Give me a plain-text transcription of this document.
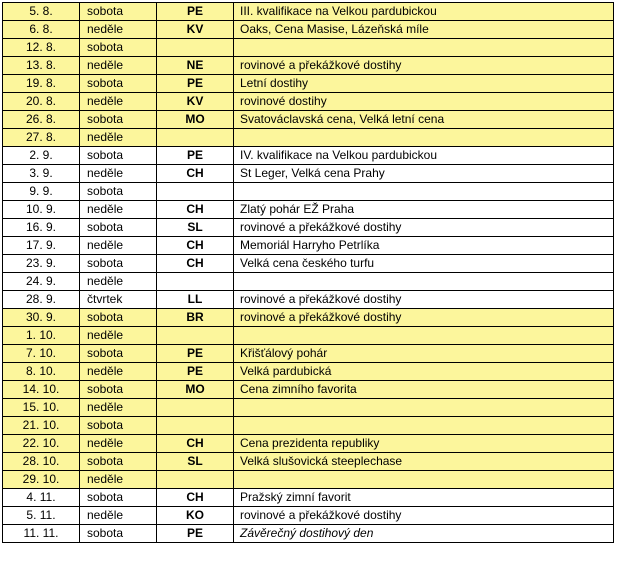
5. 8.	sobota	PE	III. kvalifikace na Velkou pardubickou
6. 8.	neděle	KV	Oaks, Cena Masise, Lázeňská míle
12. 8.	sobota		
13. 8.	neděle	NE	rovinové a překážkové dostihy
19. 8.	sobota	PE	Letní dostihy
20. 8.	neděle	KV	rovinové dostihy
26. 8.	sobota	MO	Svatováclavská cena, Velká letní cena
27. 8.	neděle		
2. 9.	sobota	PE	IV. kvalifikace na Velkou pardubickou
3. 9.	neděle	CH	St Leger, Velká cena Prahy
9. 9.	sobota		
10. 9.	neděle	CH	Zlatý pohár EŽ Praha
16. 9.	sobota	SL	rovinové a překážkové dostihy
17. 9.	neděle	CH	Memoriál Harryho Petrlíka
23. 9.	sobota	CH	Velká cena českého turfu
24. 9.	neděle		
28. 9.	čtvrtek	LL	rovinové a překážkové dostihy
30. 9.	sobota	BR	rovinové a překážkové dostihy
1. 10.	neděle		
7. 10.	sobota	PE	Křišťálový pohár
8. 10.	neděle	PE	Velká pardubická
14. 10.	sobota	MO	Cena zimního favorita
15. 10.	neděle		
21. 10.	sobota		
22. 10.	neděle	CH	Cena prezidenta republiky
28. 10.	sobota	SL	Velká slušovická steeplechase
29. 10.	neděle		
4. 11.	sobota	CH	Pražský zimní favorit
5. 11.	neděle	KO	rovinové a překážkové dostihy
11. 11.	sobota	PE	Závěrečný dostihový den
